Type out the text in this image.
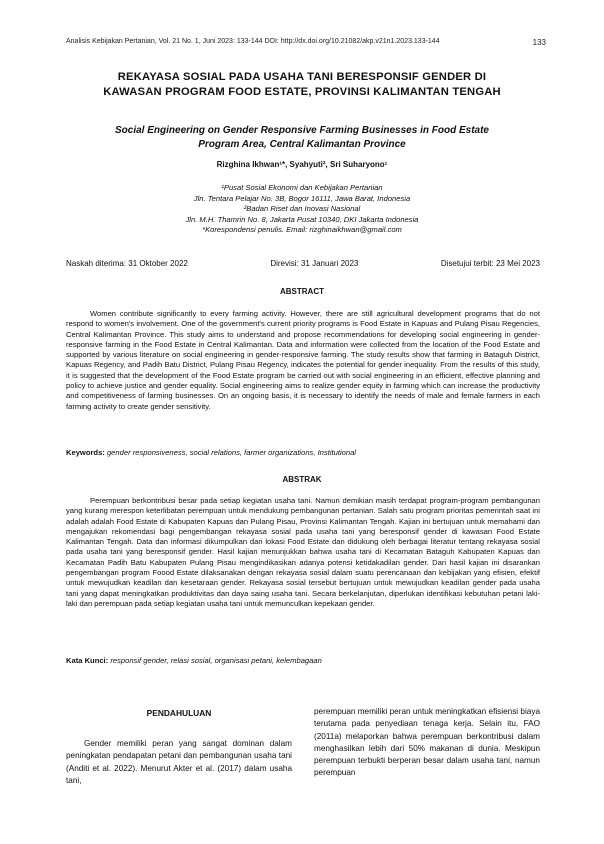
Analisis Kebijakan Pertanian, Vol. 21 No. 1, Juni 2023: 133-144 DOI: http://dx.doi.org/10.21082/akp.v21n1.2023.133-144	133
REKAYASA SOSIAL PADA USAHA TANI BERESPONSIF GENDER DI
KAWASAN PROGRAM FOOD ESTATE, PROVINSI KALIMANTAN TENGAH
Social Engineering on Gender Responsive Farming Businesses in Food Estate
Program Area, Central Kalimantan Province
Rizghina Ikhwan¹*, Syahyuti², Sri Suharyono¹
¹Pusat Sosial Ekonomi dan Kebijakan Pertanian
Jln. Tentara Pelajar No. 3B, Bogor 16111, Jawa Barat, Indonesia
²Badan Riset dan Inovasi Nasional
Jln. M.H. Thamrin No. 8, Jakarta Pusat 10340, DKI Jakarta Indonesia
*Korespondensi penulis. Email: rizghinaikhwan@gmail.com
Naskah diterima: 31 Oktober 2022	Direvisi: 31 Januari 2023	Disetujui terbit: 23 Mei 2023
ABSTRACT

Women contribute significantly to every farming activity. However, there are still agricultural development programs that do not respond to women's involvement. One of the government's current priority programs is Food Estate in Kapuas and Pulang Pisau Regencies, Central Kalimantan Province. This study aims to understand and propose recommendations for developing social engineering in gender-responsive farming in the Food Estate in Central Kalimantan. Data and information were collected from the location of the Food Estate and supported by various literature on social engineering in gender-responsive farming. The study results show that farming in Bataguh District, Kapuas Regency, and Padih Batu District, Pulang Pisau Regency, indicates the potential for gender inequality. From the results of this study, it is suggested that the development of the Food Estate program be carried out with social engineering in an efficient, effective planning and policy to achieve justice and gender equality. Social engineering aims to realize gender equity in farming which can increase the productivity and competitiveness of farming businesses. On an ongoing basis, it is necessary to identify the needs of male and female farmers in each farming activity to create gender sensitivity.

Keywords: gender responsiveness, social relations, farmer organizations, Institutional
ABSTRAK

Perempuan berkontribusi besar pada setiap kegiatan usaha tani. Namun demikian masih terdapat program-program pembangunan yang kurang merespon keterlibatan perempuan untuk mendukung pembangunan pertanian. Salah satu program prioritas pemerintah saat ini adalah adalah Food Estate di Kabupaten Kapuas dan Pulang Pisau, Provinsi Kalimantan Tengah. Kajian ini bertujuan untuk memahami dan mengajukan rekomendasi bagi pengembangan rekayasa sosial pada usaha tani yang beresponsif gender di kawasan Food Estate Kalimantan Tengah. Data dan informasi dikumpulkan dari lokasi Food Estate dan didukung oleh berbagai literatur tentang rekayasa sosial pada usaha tani yang beresponsif gender. Hasil kajian menunjukkan bahwa usaha tani di Kecamatan Bataguh Kabupaten Kapuas dan Kecamatan Padih Batu Kabupaten Pulang Pisau mengindikasikan adanya potensi ketidakadilan gender. Dari hasil kajian ini disarankan pengembangan program Foood Estate dilaksanakan dengan rekayasa sosial dalam suatu perencanaan dan kebijakan yang efisien, efektif untuk mewujudkan keadilan dan kesetaraan gender. Rekayasa sosial tersebut bertujuan untuk mewujudkan keadilan gender pada usaha tani yang dapat meningkatkan produktivitas dan daya saing usaha tani. Secara berkelanjutan, diperlukan identifikasi kebutuhan petani laki-laki dan perempuan pada setiap kegiatan usaha tani untuk memunculkan kepekaan gender.

Kata Kunci: responsif gender, relasi sosial, organisasi petani, kelembagaan
PENDAHULUAN
Gender memiliki peran yang sangat dominan dalam peningkatan pendapatan petani dan pembangunan usaha tani (Anditi et al. 2022). Menurut Akter et al. (2017) dalam usaha tani,
perempuan memiliki peran untuk meningkatkan efisiensi biaya terutama pada penyediaan tenaga kerja. Selain itu, FAO (2011a) melaporkan bahwa perempuan berkontribusi dalam menghasilkan lebih dari 50% makanan di dunia. Meskipun perempuan terbukti berperan besar dalam usaha tani, namun perempuan
